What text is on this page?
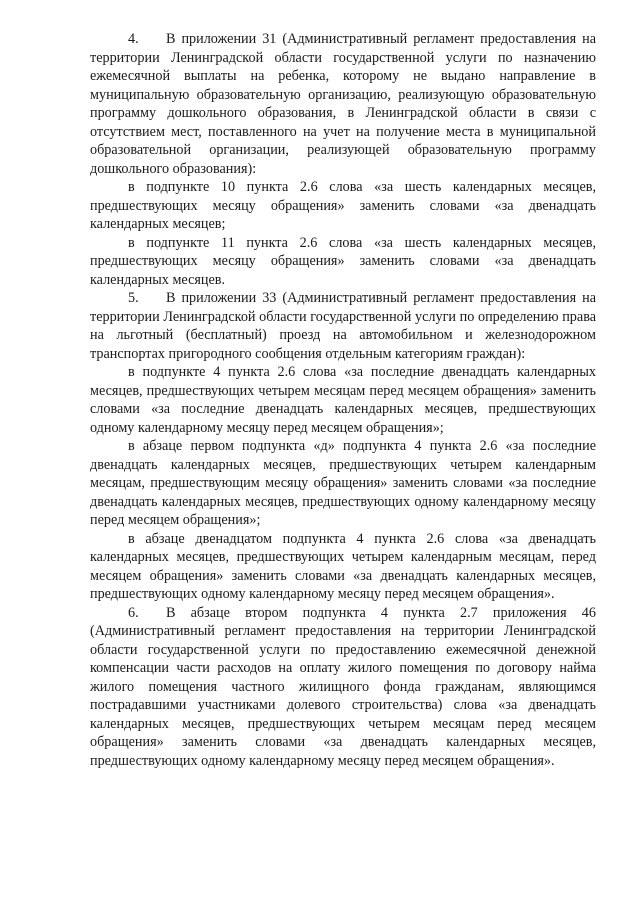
4. В приложении 31 (Административный регламент предоставления на территории Ленинградской области государственной услуги по назначению ежемесячной выплаты на ребенка, которому не выдано направление в муниципальную образовательную организацию, реализующую образовательную программу дошкольного образования, в Ленинградской области в связи с отсутствием мест, поставленного на учет на получение места в муниципальной образовательной организации, реализующей образовательную программу дошкольного образования):

в подпункте 10 пункта 2.6 слова «за шесть календарных месяцев, предшествующих месяцу обращения» заменить словами «за двенадцать календарных месяцев;

в подпункте 11 пункта 2.6 слова «за шесть календарных месяцев, предшествующих месяцу обращения» заменить словами «за двенадцать календарных месяцев.

5. В приложении 33 (Административный регламент предоставления на территории Ленинградской области государственной услуги по определению права на льготный (бесплатный) проезд на автомобильном и железнодорожном транспортах пригородного сообщения отдельным категориям граждан):

в подпункте 4 пункта 2.6 слова «за последние двенадцать календарных месяцев, предшествующих четырем месяцам перед месяцем обращения» заменить словами «за последние двенадцать календарных месяцев, предшествующих одному календарному месяцу перед месяцем обращения»;

в абзаце первом подпункта «д» подпункта 4 пункта 2.6 «за последние двенадцать календарных месяцев, предшествующих четырем календарным месяцам, предшествующим месяцу обращения» заменить словами «за последние двенадцать календарных месяцев, предшествующих одному календарному месяцу перед месяцем обращения»;

в абзаце двенадцатом подпункта 4 пункта 2.6 слова «за двенадцать календарных месяцев, предшествующих четырем календарным месяцам, перед месяцем обращения» заменить словами «за двенадцать календарных месяцев, предшествующих одному календарному месяцу перед месяцем обращения».

6. В абзаце втором подпункта 4 пункта 2.7 приложения 46 (Административный регламент предоставления на территории Ленинградской области государственной услуги по предоставлению ежемесячной денежной компенсации части расходов на оплату жилого помещения по договору найма жилого помещения частного жилищного фонда гражданам, являющимся пострадавшими участниками долевого строительства) слова «за двенадцать календарных месяцев, предшествующих четырем месяцам перед месяцем обращения» заменить словами «за двенадцать календарных месяцев, предшествующих одному календарному месяцу перед месяцем обращения».
